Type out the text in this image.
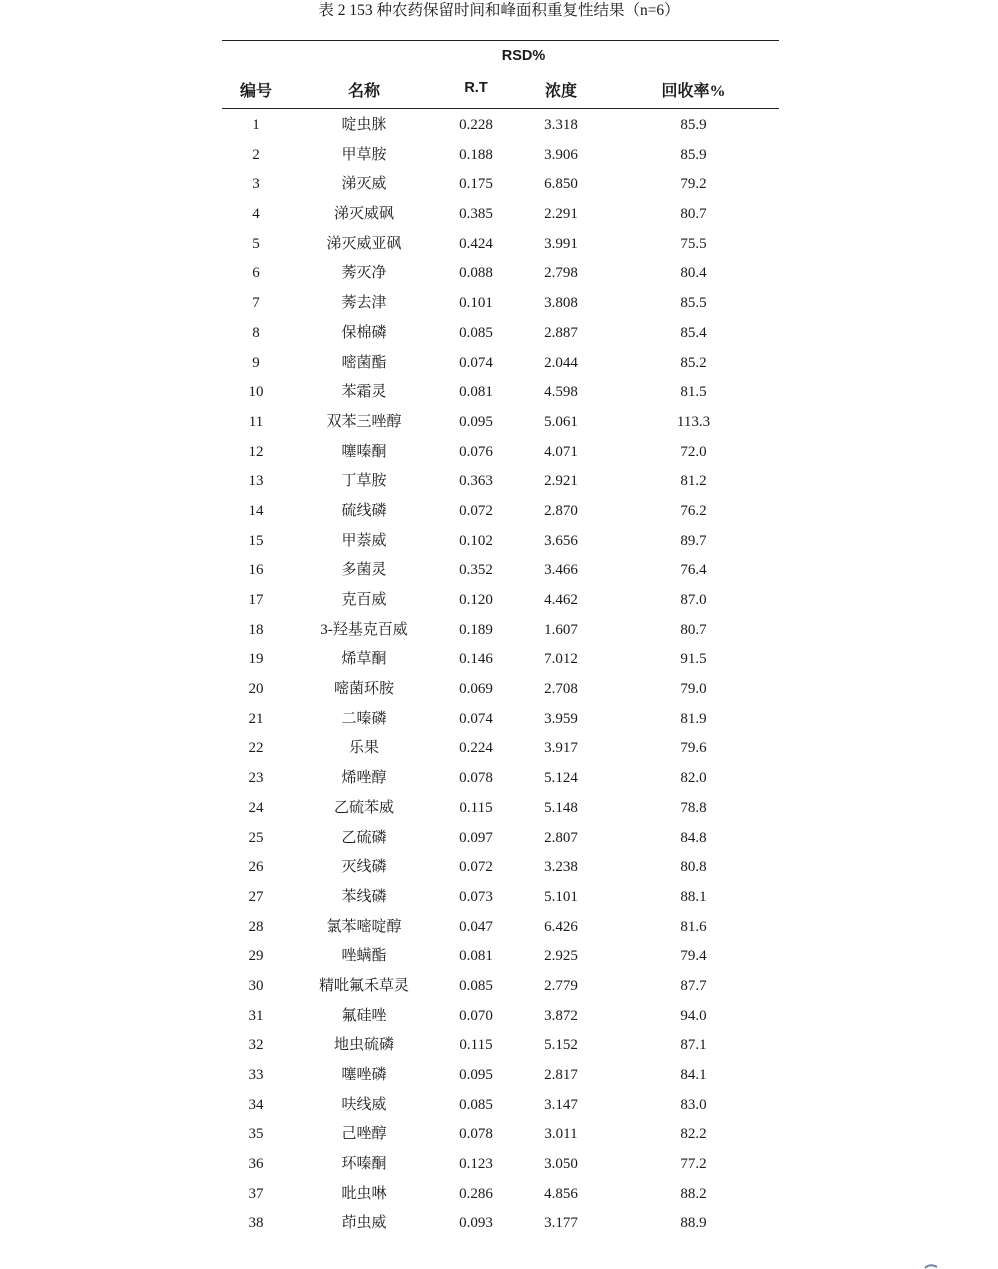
表 2 153 种农药保留时间和峰面积重复性结果（n=6）
RSD%
编号	名称	R.T	浓度	回收率%
1	啶虫脒	0.228	3.318	85.9
2	甲草胺	0.188	3.906	85.9
3	涕灭威	0.175	6.850	79.2
4	涕灭威砜	0.385	2.291	80.7
5	涕灭威亚砜	0.424	3.991	75.5
6	莠灭净	0.088	2.798	80.4
7	莠去津	0.101	3.808	85.5
8	保棉磷	0.085	2.887	85.4
9	嘧菌酯	0.074	2.044	85.2
10	苯霜灵	0.081	4.598	81.5
11	双苯三唑醇	0.095	5.061	113.3
12	噻嗪酮	0.076	4.071	72.0
13	丁草胺	0.363	2.921	81.2
14	硫线磷	0.072	2.870	76.2
15	甲萘威	0.102	3.656	89.7
16	多菌灵	0.352	3.466	76.4
17	克百威	0.120	4.462	87.0
18	3-羟基克百威	0.189	1.607	80.7
19	烯草酮	0.146	7.012	91.5
20	嘧菌环胺	0.069	2.708	79.0
21	二嗪磷	0.074	3.959	81.9
22	乐果	0.224	3.917	79.6
23	烯唑醇	0.078	5.124	82.0
24	乙硫苯威	0.115	5.148	78.8
25	乙硫磷	0.097	2.807	84.8
26	灭线磷	0.072	3.238	80.8
27	苯线磷	0.073	5.101	88.1
28	氯苯嘧啶醇	0.047	6.426	81.6
29	唑螨酯	0.081	2.925	79.4
30	精吡氟禾草灵	0.085	2.779	87.7
31	氟硅唑	0.070	3.872	94.0
32	地虫硫磷	0.115	5.152	87.1
33	噻唑磷	0.095	2.817	84.1
34	呋线威	0.085	3.147	83.0
35	己唑醇	0.078	3.011	82.2
36	环嗪酮	0.123	3.050	77.2
37	吡虫啉	0.286	4.856	88.2
38	茚虫威	0.093	3.177	88.9
